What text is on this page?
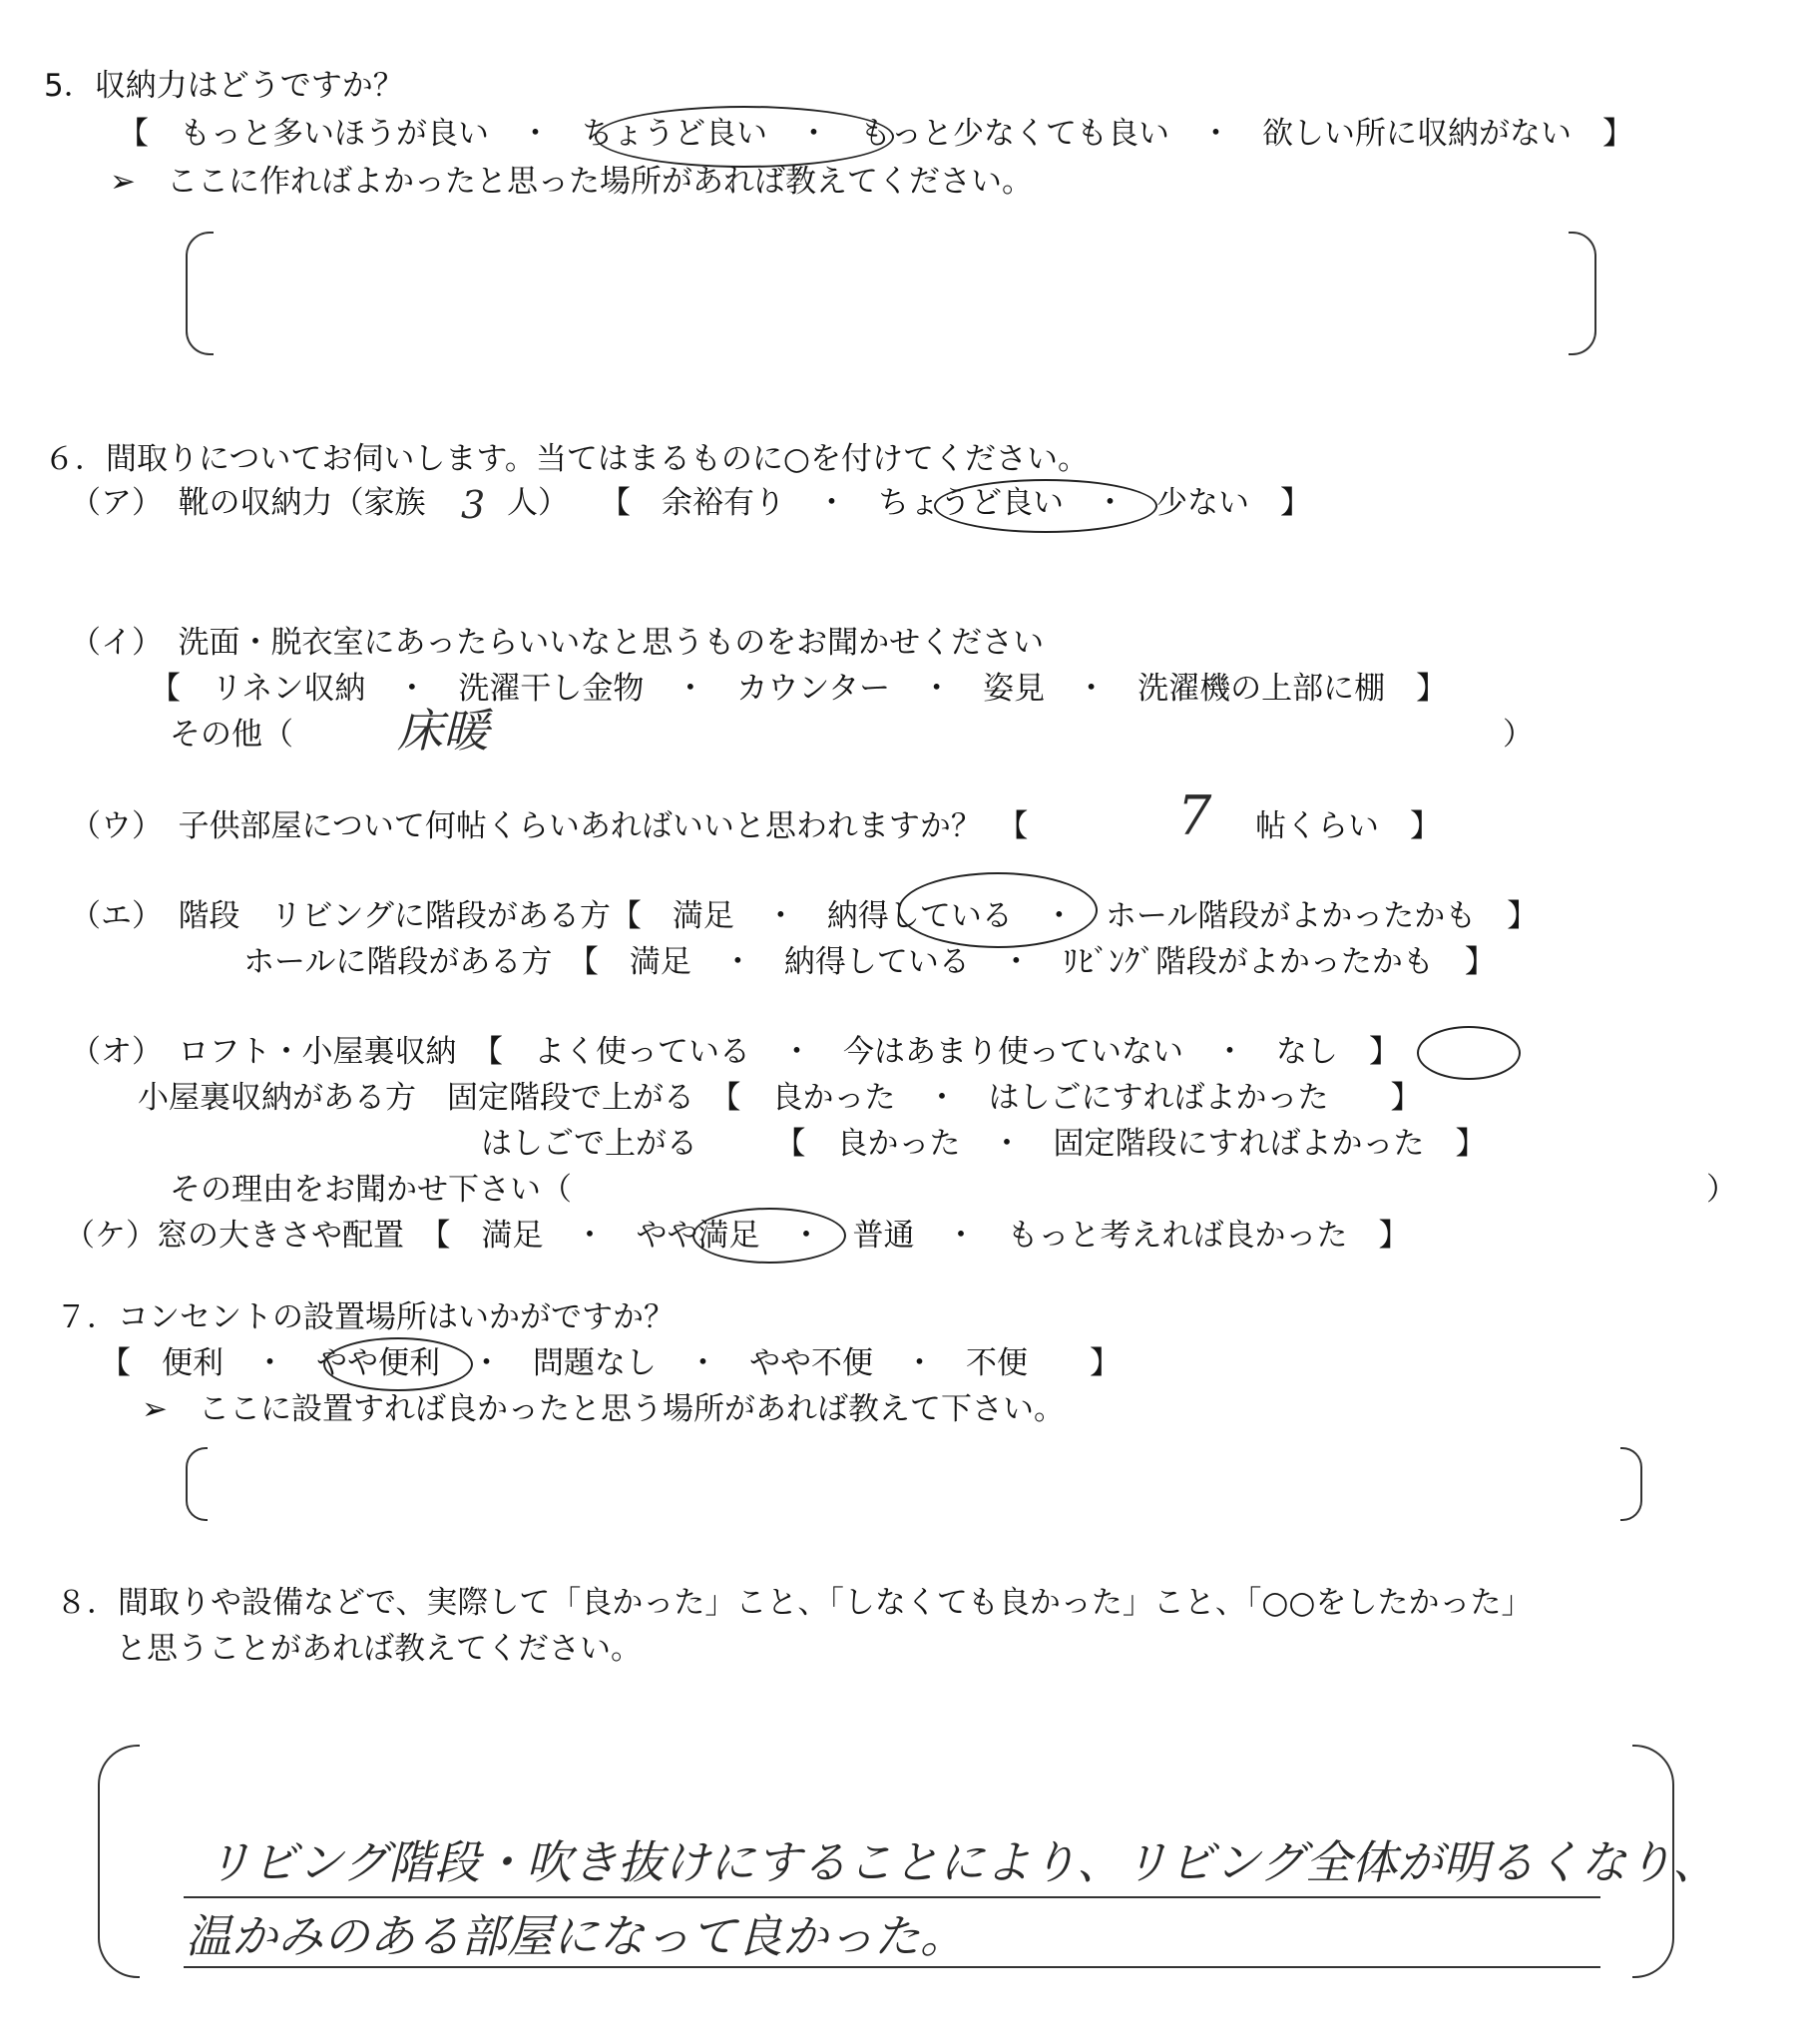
5．収納力はどうですか？
【　もっと多いほうが良い　・　ちょうど良い　・　もっと少なくても良い　・　欲しい所に収納がない　】
➢　ここに作ればよかったと思った場所があれば教えてください。
６．間取りについてお伺いします。当てはまるものに○を付けてください。
（ア）　靴の収納力（家族 3 人）　　【　余裕有り　・　ちょうど良い　・　少ない　】
（イ）　洗面・脱衣室にあったらいいなと思うものをお聞かせください
【　リネン収納　・　洗濯干し金物　・　カウンター　・　姿見　・　洗濯機の上部に棚　】
その他（ 床暖	）
（ウ）　子供部屋について何帖くらいあればいいと思われますか？　【	7 帖くらい　】
（エ）　階段　リビングに階段がある方【　満足　・　納得している　・　ホール階段がよかったかも　】
ホールに階段がある方　【　満足　・　納得している　・　ﾘﾋﾞﾝｸﾞ階段がよかったかも　】
（オ）　ロフト・小屋裏収納　【　よく使っている　・　今はあまり使っていない　・　なし　】
小屋裏収納がある方　固定階段で上がる　【　良かった　・　はしごにすればよかった　　】
はしごで上がる　　　【　良かった　・　固定階段にすればよかった　】
その理由をお聞かせ下さい（	）
（ケ）窓の大きさや配置　【　満足　・　やや満足　・　普通　・　もっと考えれば良かった　】
７．コンセントの設置場所はいかがですか？
【　便利　・　やや便利　・　問題なし　・　やや不便　・　不便　　】
➢　ここに設置すれば良かったと思う場所があれば教えて下さい。
８．間取りや設備などで、実際して「良かった」こと、「しなくても良かった」こと、「○○をしたかった」
と思うことがあれば教えてください。
リビング階段・吹き抜けにすることにより、リビング全体が明るくなり、
温かみのある部屋になって良かった。
